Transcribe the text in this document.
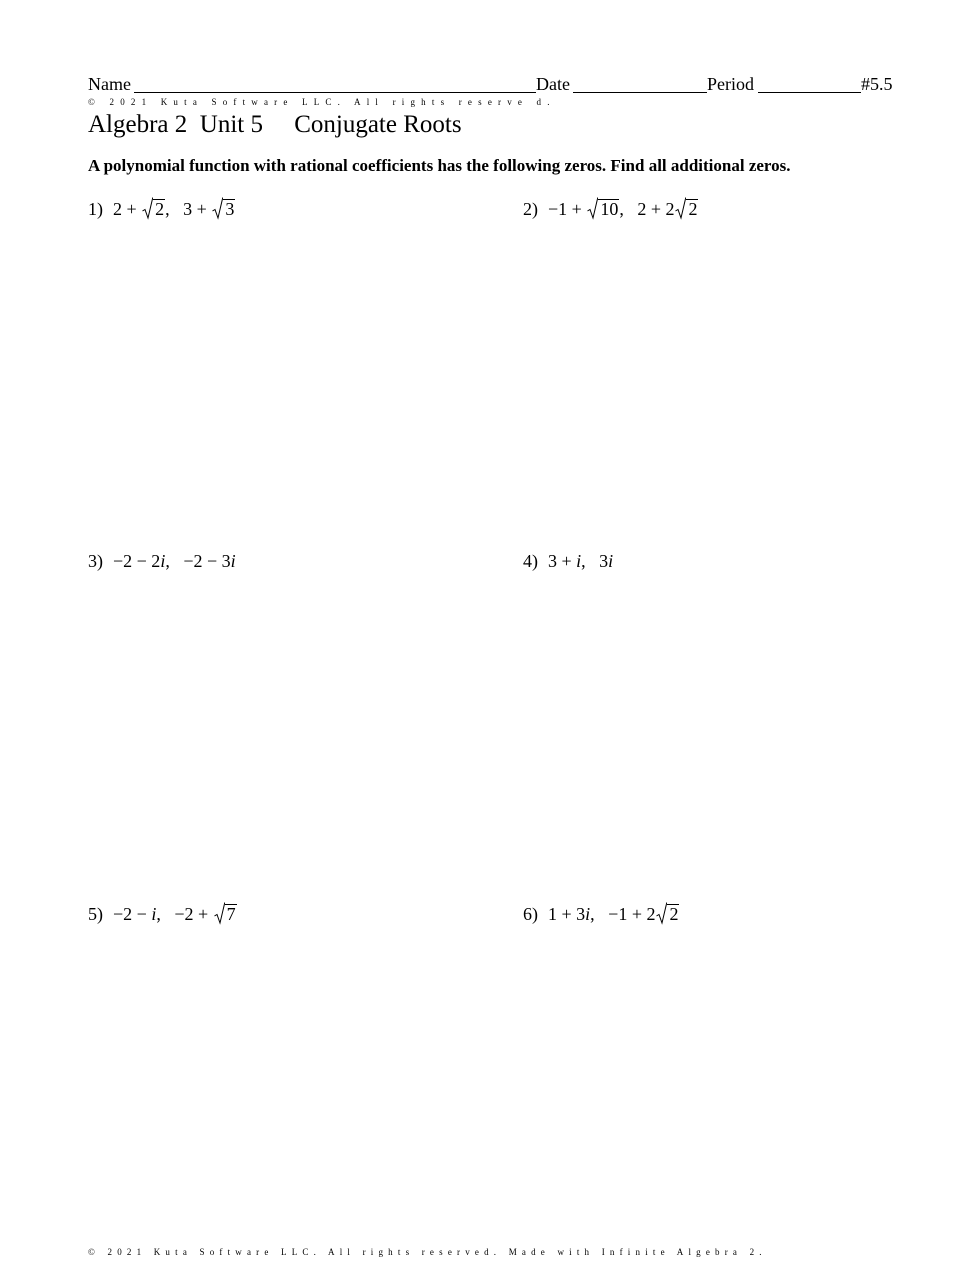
Name	Date	Period	#5.5
© 2021 Kuta Software LLC. All rights reserve d.
Algebra 2  Unit 5     Conjugate Roots
A polynomial function with rational coefficients has the following zeros. Find all additional zeros.
1) 2 + 2 ,   3 + 3	2) −1 + 10 ,   2 + 2 2
3) −2 − 2 i ,   −2 − 3 i	4) 3 + i ,   3 i
5) −2 − i ,   −2 + 7	6) 1 + 3 i ,   −1 + 2 2
© 2021 Kuta Software LLC. All rights reserved. Made with Infinite Algebra 2.
